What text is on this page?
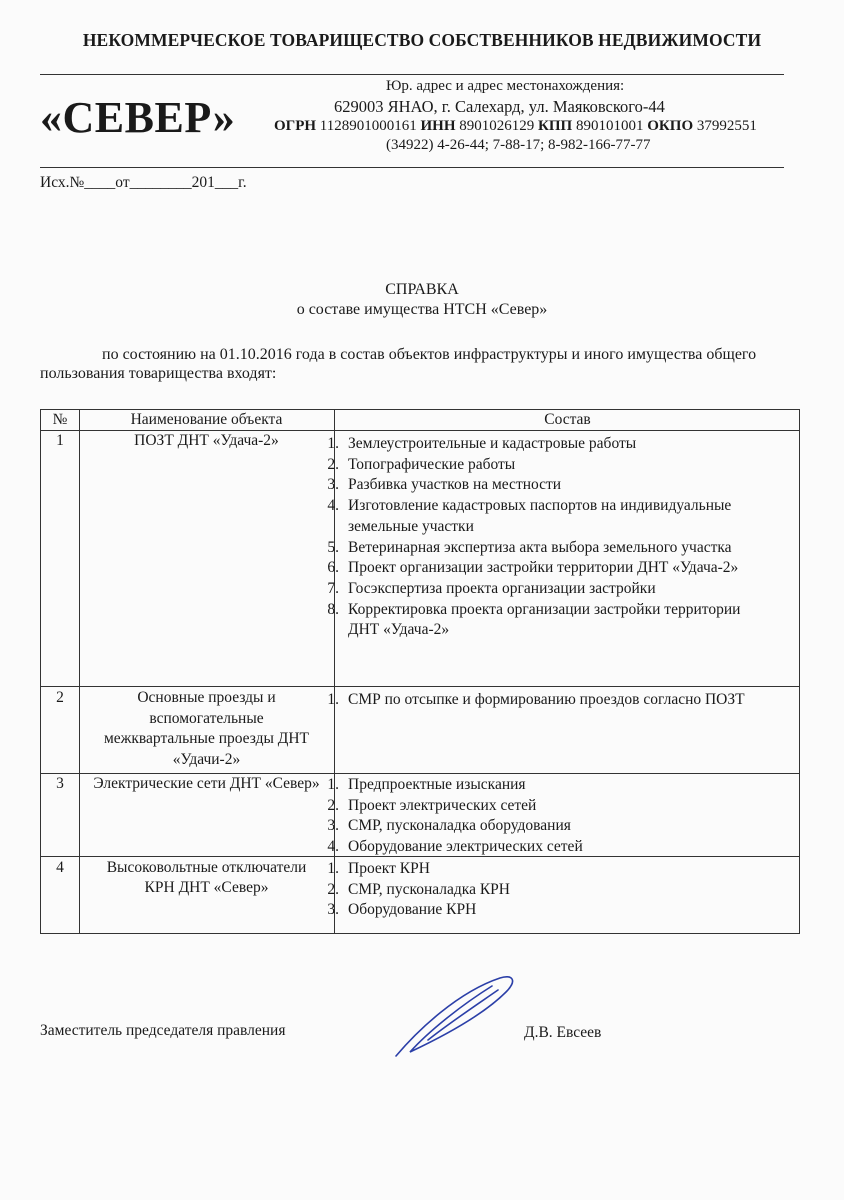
НЕКОММЕРЧЕСКОЕ ТОВАРИЩЕСТВО СОБСТВЕННИКОВ НЕДВИЖИМОСТИ
«СЕВЕР»
Юр. адрес и адрес местонахождения:
629003 ЯНАО, г. Салехард, ул. Маяковского-44
ОГРН 1128901000161 ИНН 8901026129 КПП 890101001 ОКПО 37992551
(34922) 4-26-44; 7-88-17; 8-982-166-77-77
Исх.№____от________201___г.
СПРАВКА
о составе имущества НТСН «Север»
по состоянию на 01.10.2016 года в состав объектов инфраструктуры и иного имущества общего пользования товарищества входят:
№	Наименование объекта	Состав
1	ПОЗТ ДНТ «Удача-2»	1. Землеустроительные и кадастровые работы
2. Топографические работы
3. Разбивка участков на местности
4. Изготовление кадастровых паспортов на индивидуальные земельные участки
5. Ветеринарная экспертиза акта выбора земельного участка
6. Проект организации застройки территории ДНТ «Удача-2»
7. Госэкспертиза проекта организации застройки
8. Корректировка проекта организации застройки территории ДНТ «Удача-2»
2	Основные проезды и вспомогательные межквартальные проезды ДНТ «Удачи-2»
1. СМР по отсыпке и формированию проездов согласно ПОЗТ
3	Электрические сети ДНТ «Север» 1. Предпроектные изыскания
2. Проект электрических сетей
3. СМР, пусконаладка оборудования
4. Оборудование электрических сетей
4	Высоковольтные отключатели КРН ДНТ «Север»
1. Проект КРН
2. СМР, пусконаладка КРН
3. Оборудование КРН
Заместитель председателя правления	Д.В. Евсеев
